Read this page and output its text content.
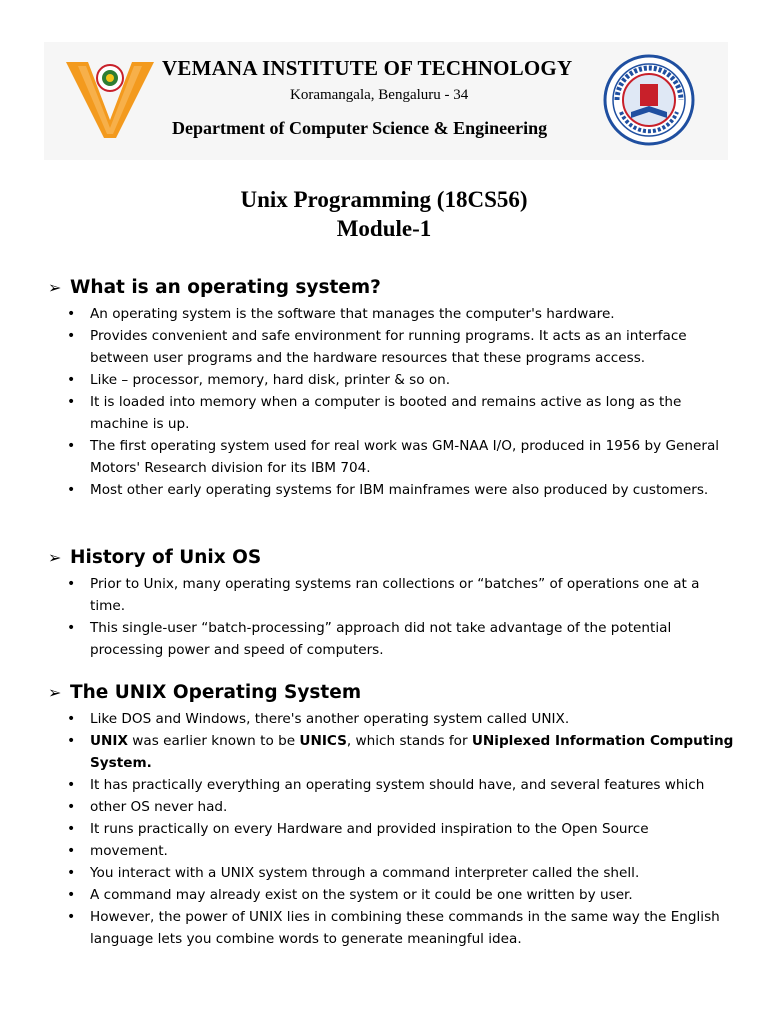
VEMANA INSTITUTE OF TECHNOLOGY
Koramangala, Bengaluru - 34
Department of Computer Science & Engineering
Unix Programming (18CS56)
Module-1
➢ What is an operating system?
• An operating system is the software that manages the computer's hardware.
• Provides convenient and safe environment for running programs. It acts as an interface between user programs and the hardware resources that these programs access.
• Like – processor, memory, hard disk, printer & so on.
• It is loaded into memory when a computer is booted and remains active as long as the machine is up.
• The first operating system used for real work was GM-NAA I/O, produced in 1956 by General Motors' Research division for its IBM 704.
• Most other early operating systems for IBM mainframes were also produced by customers.
➢ History of Unix OS
• Prior to Unix, many operating systems ran collections or “batches” of operations one at a time.
• This single-user “batch-processing” approach did not take advantage of the potential processing power and speed of computers.
➢ The UNIX Operating System
• Like DOS and Windows, there's another operating system called UNIX.
• UNIX was earlier known to be UNICS, which stands for UNiplexed Information Computing System.
• It has practically everything an operating system should have, and several features which
• other OS never had.
• It runs practically on every Hardware and provided inspiration to the Open Source
• movement.
• You interact with a UNIX system through a command interpreter called the shell.
• A command may already exist on the system or it could be one written by user.
• However, the power of UNIX lies in combining these commands in the same way the English language lets you combine words to generate meaningful idea.
